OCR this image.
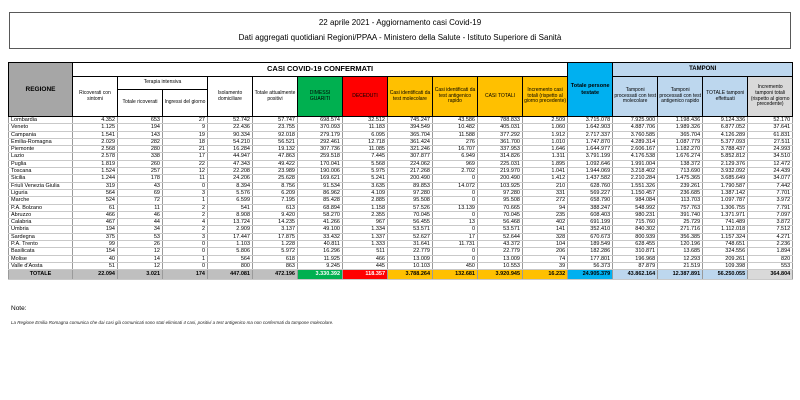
22 aprile 2021 - Aggiornamento casi Covid-19
Dati aggregati quotidiani Regioni/PPAA - Ministero della Salute - Istituto Superiore di Sanità
REGIONE	CASI COVID-19 CONFERMATI											Totale persone testate	TAMPONI			
	Ricoverati con sintomi	Terapia intensiva		Isolamento domiciliare	Totale attualmente positivi	DIMESSI GUARITI	DECEDUTI	Casi identificati da test molecolare	Casi identificati da test antigenico rapido	CASI TOTALI	Incremento casi totali (rispetto al giorno precedente)		Tamponi processati con test molecolare	Tamponi processati con test antigenico rapido	TOTALE tamponi effettuati	Incremento tamponi totali (rispetto al giorno precedente)
		Totale ricoverati	Ingressi del giorno													
Lombardia	4.352	653	27	52.742	57.747	698.574	32.512	745.247	43.586	788.833	2.509	3.715.078	7.925.900	1.198.436	9.124.336	52.170
Veneto	1.125	194	9	22.436	23.755	370.093	11.183	394.549	10.482	405.031	1.060	1.642.903	4.887.706	1.989.326	6.877.052	37.641
Campania	1.541	143	19	90.334	92.018	279.179	6.095	365.704	11.588	377.292	1.912	2.717.337	3.760.585	365.704	4.126.289	61.831
Emilia-Romagna	2.029	282	18	54.210	56.521	292.461	12.718	361.424	276	361.700	1.010	1.747.870	4.289.314	1.087.779	5.377.093	27.511
Piemonte	2.568	280	21	16.284	19.132	307.736	11.085	321.246	16.707	337.953	1.646	1.644.977	2.606.167	1.182.270	3.788.437	24.993
Lazio	2.578	338	17	44.947	47.863	259.518	7.445	307.877	6.949	314.826	1.311	3.791.199	4.176.538	1.676.274	5.852.812	34.510
Puglia	1.819	260	22	47.343	49.422	170.041	5.568	224.062	969	225.031	1.895	1.092.646	1.991.004	138.372	2.129.376	12.472
Toscana	1.524	257	12	22.208	23.989	190.006	5.975	217.268	2.702	219.970	1.041	1.944.069	3.218.402	713.690	3.932.092	24.439
Sicilia	1.244	178	11	24.206	25.628	169.621	5.241	200.490	0	200.490	1.412	1.437.582	2.210.284	1.475.365	3.685.649	34.077
Friuli Venezia Giulia	319	43	0	8.394	8.756	91.534	3.635	89.853	14.072	103.925	210	628.760	1.551.326	239.261	1.790.587	7.442
Liguria	564	69	3	5.576	6.209	86.962	4.109	97.280	0	97.280	331	569.227	1.150.457	236.685	1.387.142	7.701
Marche	524	72	1	6.599	7.195	85.428	2.885	95.508	0	95.508	272	658.790	984.084	113.703	1.097.787	3.972
P.A. Bolzano	61	11	2	541	613	68.894	1.158	57.526	13.139	70.665	94	388.247	548.992	757.763	1.306.755	7.791
Abruzzo	466	46	2	8.908	9.420	58.270	2.355	70.045	0	70.045	235	608.403	980.231	391.740	1.371.971	7.097
Calabria	467	44	4	13.724	14.235	41.266	967	56.455	13	56.468	402	691.199	715.760	25.729	741.489	3.872
Umbria	194	34	2	2.909	3.137	49.100	1.334	53.571	0	53.571	141	352.410	840.302	271.716	1.112.018	7.512
Sardegna	375	53	3	17.447	17.875	33.432	1.337	52.627	17	52.644	328	670.673	800.939	356.385	1.157.324	4.271
P.A. Trento	99	26	0	1.103	1.228	40.811	1.333	31.641	11.731	43.372	104	189.549	628.455	120.196	748.651	2.236
Basilicata	154	12	0	5.806	5.972	16.296	511	22.779	0	22.779	206	182.286	310.871	13.685	324.556	1.894
Molise	40	14	1	564	618	11.925	466	13.009	0	13.009	74	177.801	196.968	12.293	209.261	820
Valle d'Aosta	51	12	0	800	863	9.245	445	10.103	450	10.553	39	56.373	87.879	21.519	109.398	553
TOTALE	22.094	3.021	174	447.081	472.196	3.330.392	118.357	3.788.264	132.681	3.920.945	16.232	24.905.379	43.862.164	12.387.891	56.250.055	364.804
Note:
La Regione Emilia Romagna comunica che dai casi già comunicati sono stati eliminati 4 casi, positivi a test antigenico ma non confermati da tampone molecolare.
